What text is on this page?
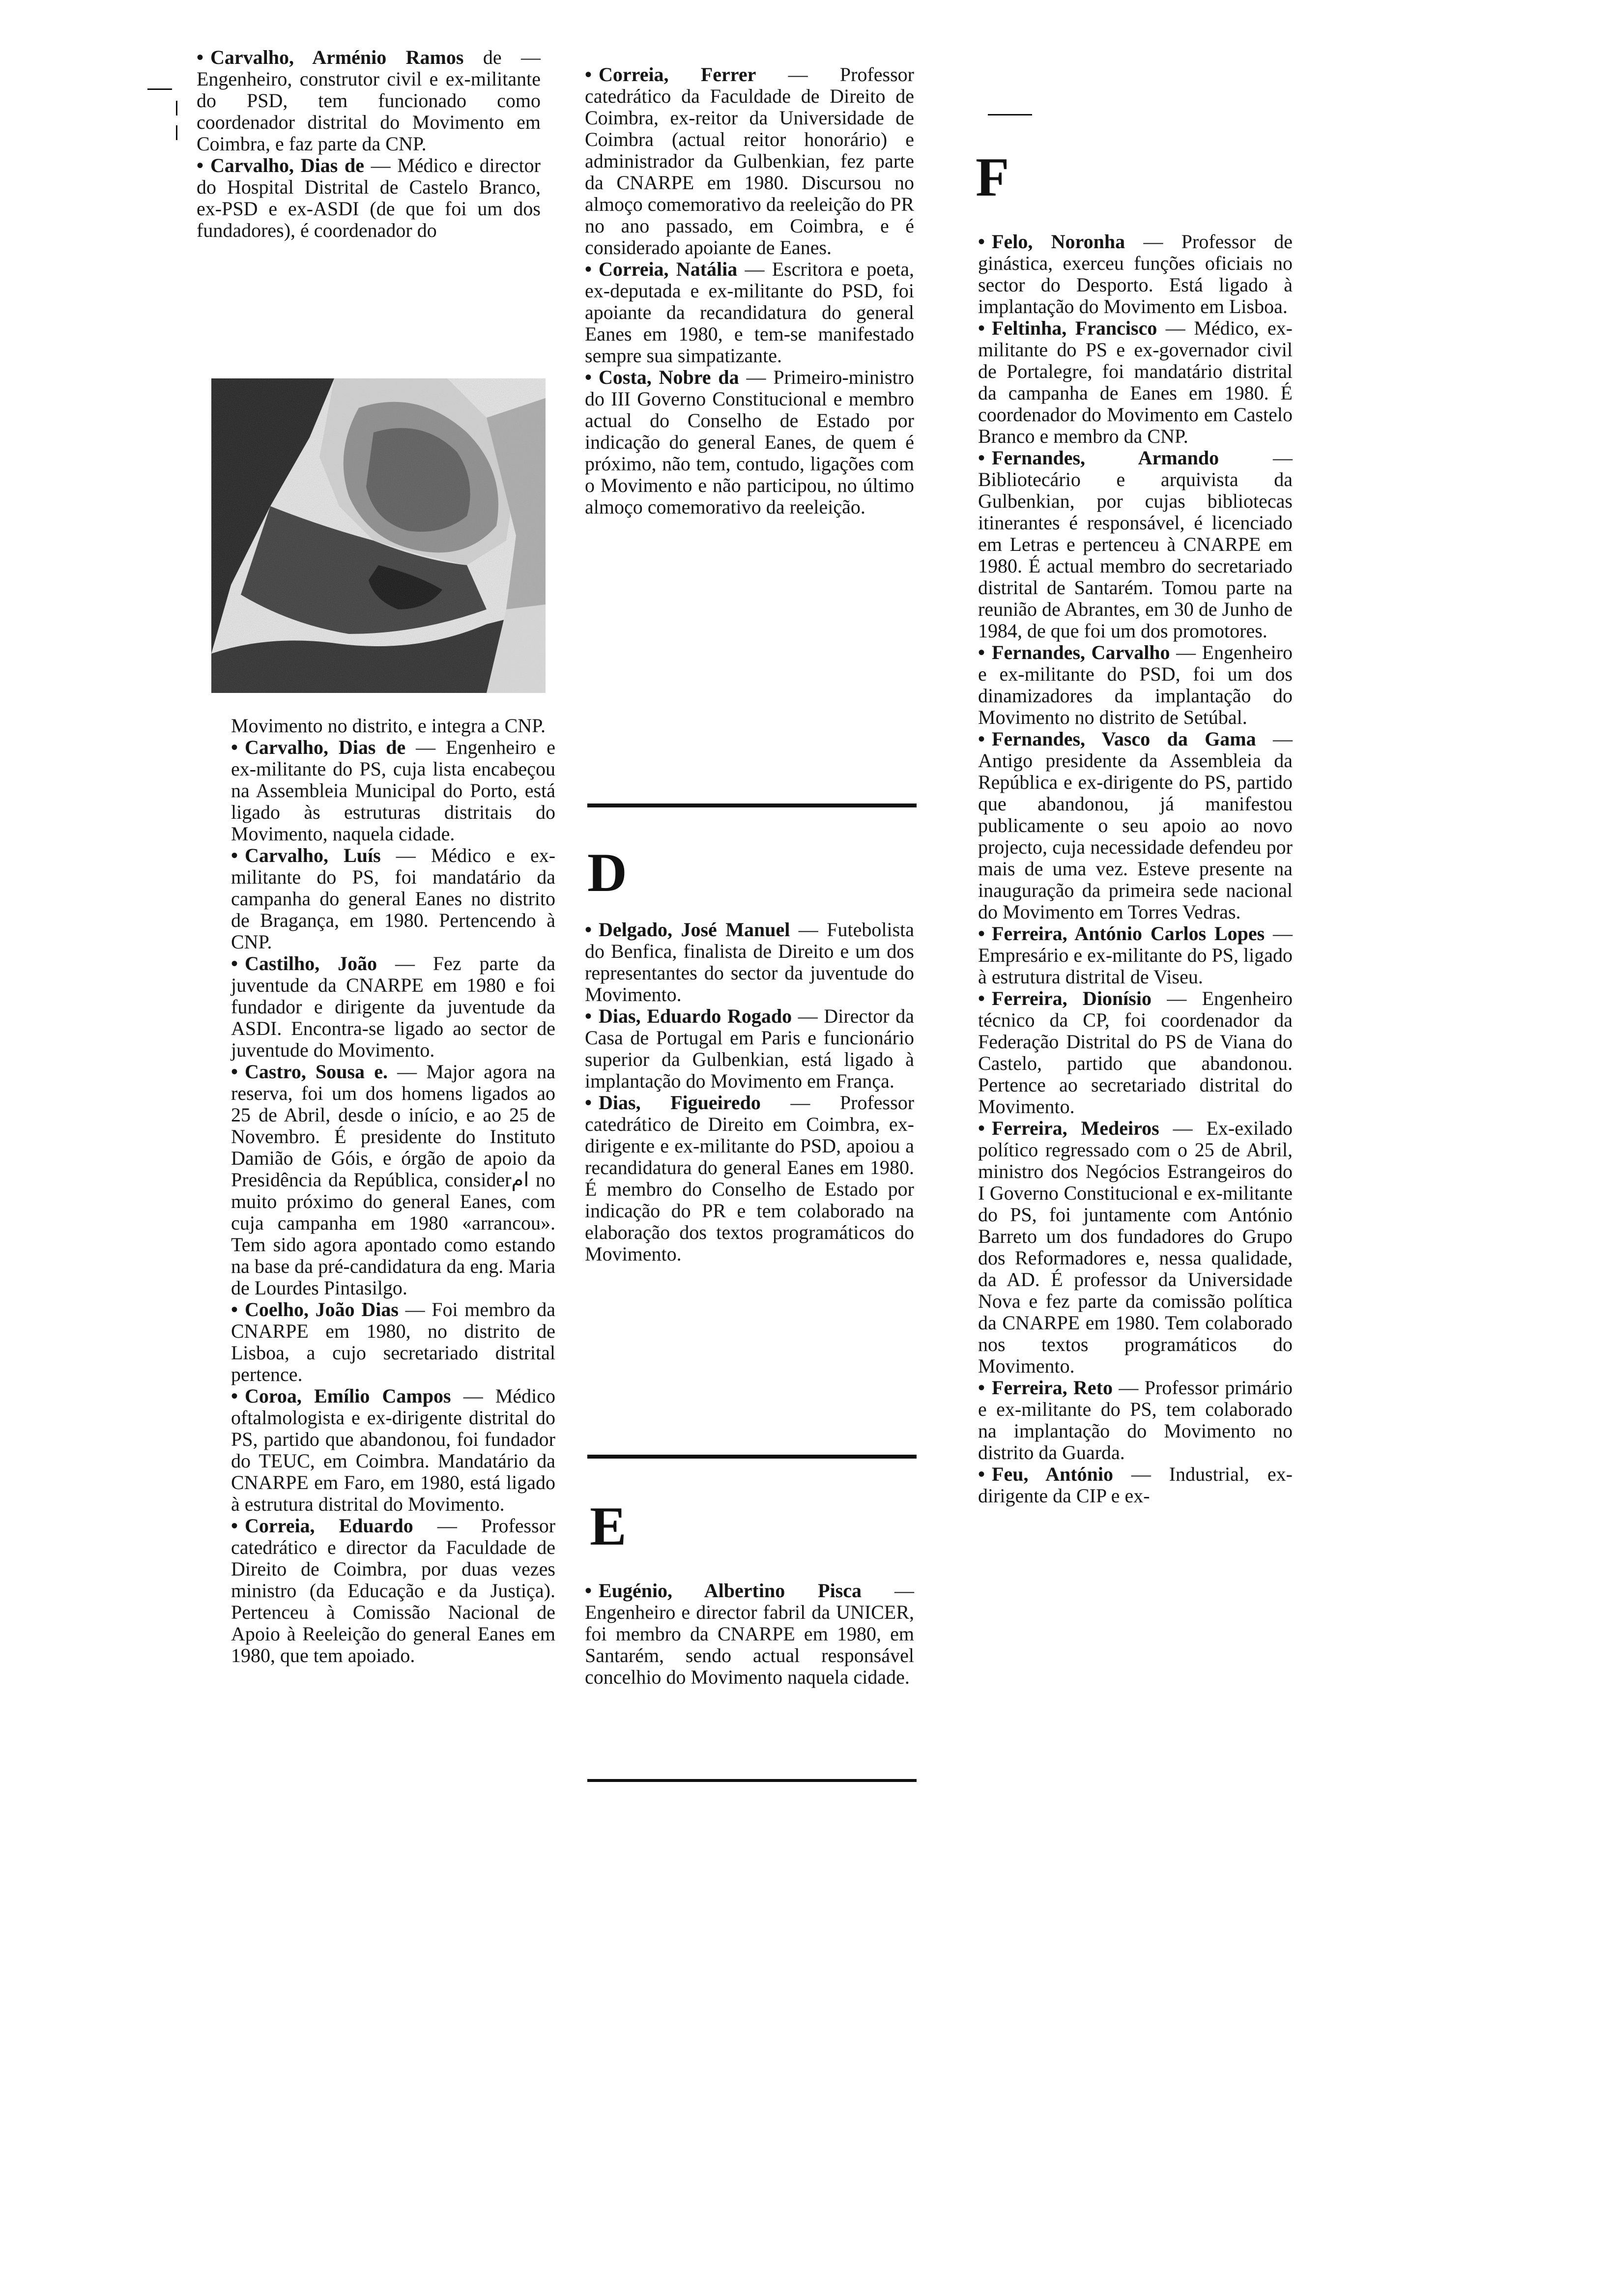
• Carvalho, Arménio Ramos de — Engenheiro, construtor civil e ex-militante do PSD, tem funcionado como coordenador distrital do Movimento em Coimbra, e faz parte da CNP.

• Carvalho, Dias de — Médico e director do Hospital Distrital de Castelo Branco, ex-PSD e ex-ASDI (de que foi um dos fundadores), é coordenador do

Movimento no distrito, e integra a CNP.

• Carvalho, Dias de — Engenheiro e ex-militante do PS, cuja lista encabeçou na Assembleia Municipal do Porto, está ligado às estruturas distritais do Movimento, naquela cidade.

• Carvalho, Luís — Médico e ex-militante do PS, foi mandatário da campanha do general Eanes no distrito de Bragança, em 1980. Pertencendo à CNP.

• Castilho, João — Fez parte da juventude da CNARPE em 1980 e foi fundador e dirigente da juventude da ASDI. Encontra-se ligado ao sector de juventude do Movimento.

• Castro, Sousa e. — Major agora na reserva, foi um dos homens ligados ao 25 de Abril, desde o início, e ao 25 de Novembro. É presidente do Instituto Damião de Góis, e órgão de apoio da Presidência da República, considerام no muito próximo do general Eanes, com cuja campanha em 1980 «arrancou». Tem sido agora apontado como estando na base da pré-candidatura da eng. Maria de Lourdes Pintasilgo.

• Coelho, João Dias — Foi membro da CNARPE em 1980, no distrito de Lisboa, a cujo secretariado distrital pertence.

• Coroa, Emílio Campos — Médico oftalmologista e ex-dirigente distrital do PS, partido que abandonou, foi fundador do TEUC, em Coimbra. Mandatário da CNARPE em Faro, em 1980, está ligado à estrutura distrital do Movimento.

• Correia, Eduardo — Professor catedrático e director da Faculdade de Direito de Coimbra, por duas vezes ministro (da Educação e da Justiça). Pertenceu à Comissão Nacional de Apoio à Reeleição do general Eanes em 1980, que tem apoiado.

• Correia, Ferrer — Professor catedrático da Faculdade de Direito de Coimbra, ex-reitor da Universidade de Coimbra (actual reitor honorário) e administrador da Gulbenkian, fez parte da CNARPE em 1980. Discursou no almoço comemorativo da reeleição do PR no ano passado, em Coimbra, e é considerado apoiante de Eanes.

• Correia, Natália — Escritora e poeta, ex-deputada e ex-militante do PSD, foi apoiante da recandidatura do general Eanes em 1980, e tem-se manifestado sempre sua simpatizante.

• Costa, Nobre da — Primeiro-ministro do III Governo Constitucional e membro actual do Conselho de Estado por indicação do general Eanes, de quem é próximo, não tem, contudo, ligações com o Movimento e não participou, no último almoço comemorativo da reeleição.

D

• Delgado, José Manuel — Futebolista do Benfica, finalista de Direito e um dos representantes do sector da juventude do Movimento.

• Dias, Eduardo Rogado — Director da Casa de Portugal em Paris e funcionário superior da Gulbenkian, está ligado à implantação do Movimento em França.

• Dias, Figueiredo — Professor catedrático de Direito em Coimbra, ex-dirigente e ex-militante do PSD, apoiou a recandidatura do general Eanes em 1980. É membro do Conselho de Estado por indicação do PR e tem colaborado na elaboração dos textos programáticos do Movimento.

E

• Eugénio, Albertino Pisca — Engenheiro e director fabril da UNICER, foi membro da CNARPE em 1980, em Santarém, sendo actual responsável concelhio do Movimento naquela cidade.

F

• Felo, Noronha — Professor de ginástica, exerceu funções oficiais no sector do Desporto. Está ligado à implantação do Movimento em Lisboa.

• Feltinha, Francisco — Médico, ex-militante do PS e ex-governador civil de Portalegre, foi mandatário distrital da campanha de Eanes em 1980. É coordenador do Movimento em Castelo Branco e membro da CNP.

• Fernandes, Armando	— Bibliotecário e arquivista da Gulbenkian, por cujas bibliotecas itinerantes é responsável, é licenciado em Letras e pertenceu à CNARPE em 1980. É actual membro do secretariado distrital de Santarém. Tomou parte na reunião de Abrantes, em 30 de Junho de 1984, de que foi um dos promotores.

• Fernandes, Carvalho — Engenheiro e ex-militante do PSD, foi um dos dinamizadores da implantação do Movimento no distrito de Setúbal.

• Fernandes, Vasco da Gama — Antigo presidente da Assembleia da República e ex-dirigente do PS, partido que abandonou, já manifestou publicamente o seu apoio ao novo projecto, cuja necessidade defendeu por mais de uma vez. Esteve presente na inauguração da primeira sede nacional do Movimento em Torres Vedras.

• Ferreira, António Carlos Lopes — Empresário e ex-militante do PS, ligado à estrutura distrital de Viseu.

• Ferreira, Dionísio — Engenheiro técnico da CP, foi coordenador da Federação Distrital do PS de Viana do Castelo, partido que abandonou. Pertence ao secretariado distrital do Movimento.

• Ferreira, Medeiros — Ex-exilado político regressado com o 25 de Abril, ministro dos Negócios Estrangeiros do I Governo Constitucional e ex-militante do PS, foi juntamente com António Barreto um dos fundadores do Grupo dos Reformadores e, nessa qualidade, da AD. É professor da Universidade Nova e fez parte da comissão política da CNARPE em 1980. Tem colaborado nos textos programáticos do Movimento.

• Ferreira, Reto — Professor primário e ex-militante do PS, tem colaborado na implantação do Movimento no distrito da Guarda.

• Feu, António — Industrial, ex-dirigente da CIP e ex-
